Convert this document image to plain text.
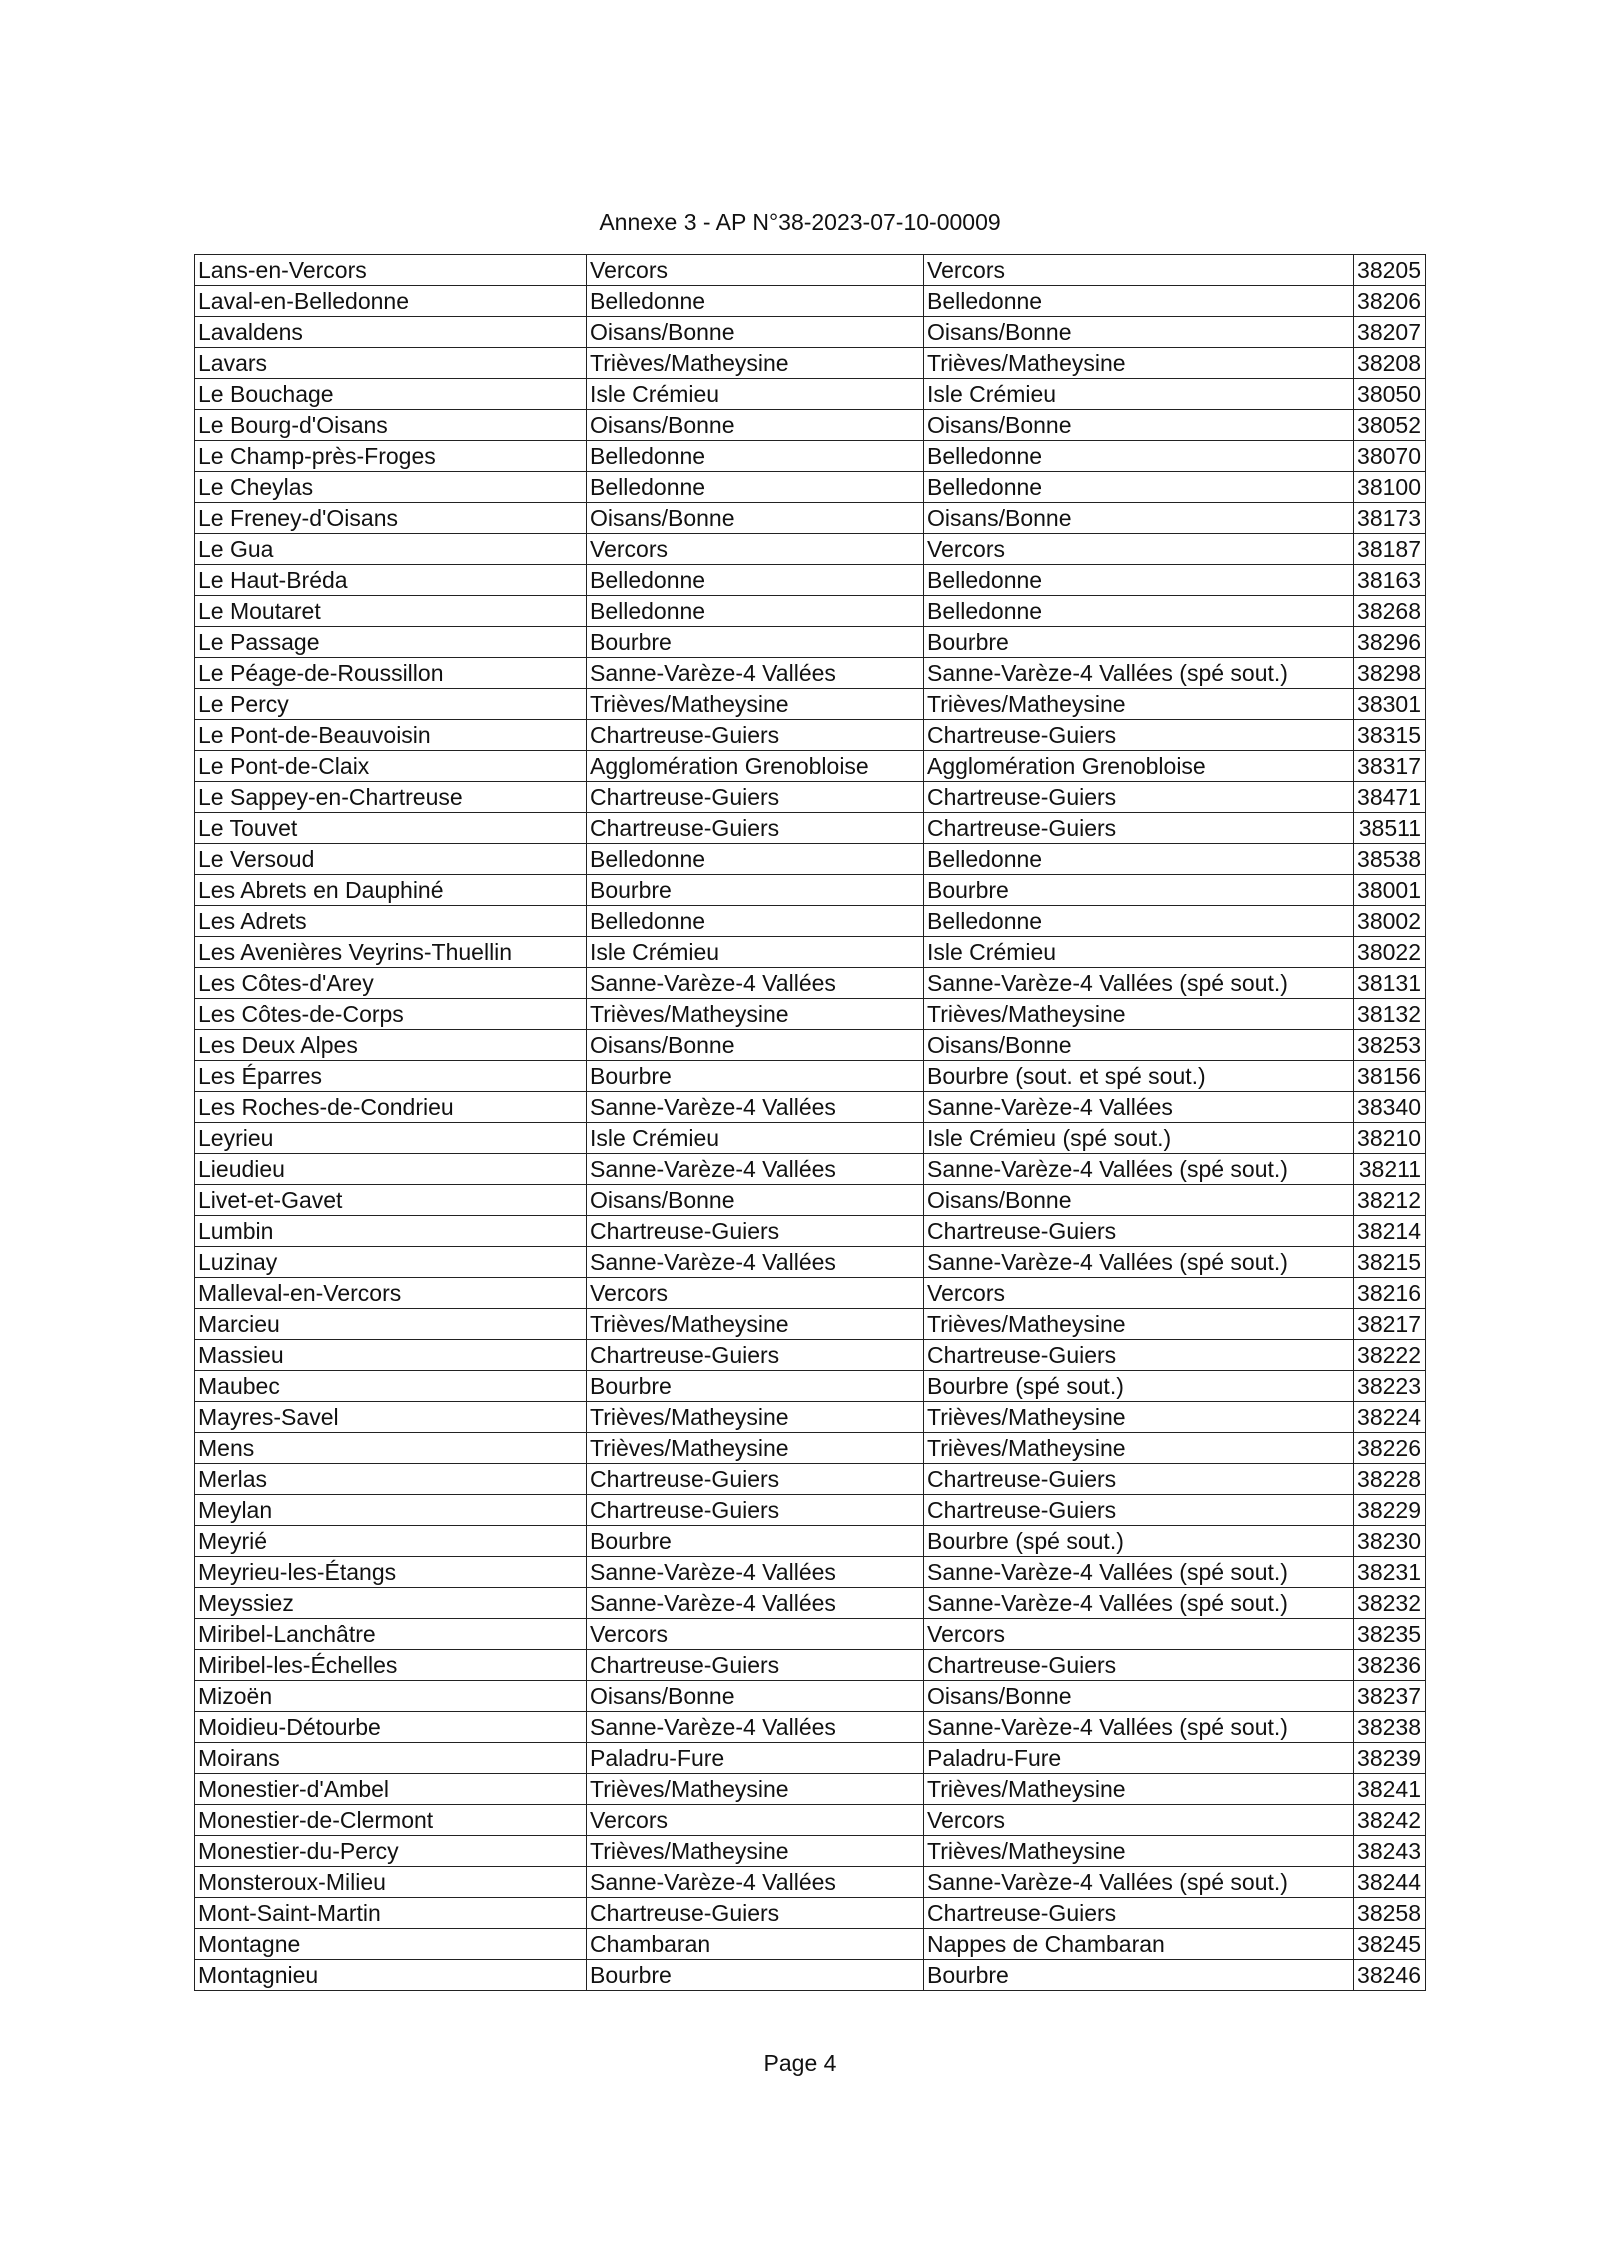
Annexe 3 - AP N°38-2023-07-10-00009
Lans-en-Vercors	Vercors	Vercors	38205
Laval-en-Belledonne	Belledonne	Belledonne	38206
Lavaldens	Oisans/Bonne	Oisans/Bonne	38207
Lavars	Trièves/Matheysine	Trièves/Matheysine	38208
Le Bouchage	Isle Crémieu	Isle Crémieu	38050
Le Bourg-d'Oisans	Oisans/Bonne	Oisans/Bonne	38052
Le Champ-près-Froges	Belledonne	Belledonne	38070
Le Cheylas	Belledonne	Belledonne	38100
Le Freney-d'Oisans	Oisans/Bonne	Oisans/Bonne	38173
Le Gua	Vercors	Vercors	38187
Le Haut-Bréda	Belledonne	Belledonne	38163
Le Moutaret	Belledonne	Belledonne	38268
Le Passage	Bourbre	Bourbre	38296
Le Péage-de-Roussillon	Sanne-Varèze-4 Vallées	Sanne-Varèze-4 Vallées (spé sout.)	38298
Le Percy	Trièves/Matheysine	Trièves/Matheysine	38301
Le Pont-de-Beauvoisin	Chartreuse-Guiers	Chartreuse-Guiers	38315
Le Pont-de-Claix	Agglomération Grenobloise	Agglomération Grenobloise	38317
Le Sappey-en-Chartreuse	Chartreuse-Guiers	Chartreuse-Guiers	38471
Le Touvet	Chartreuse-Guiers	Chartreuse-Guiers	38511
Le Versoud	Belledonne	Belledonne	38538
Les Abrets en Dauphiné	Bourbre	Bourbre	38001
Les Adrets	Belledonne	Belledonne	38002
Les Avenières Veyrins-Thuellin	Isle Crémieu	Isle Crémieu	38022
Les Côtes-d'Arey	Sanne-Varèze-4 Vallées	Sanne-Varèze-4 Vallées (spé sout.)	38131
Les Côtes-de-Corps	Trièves/Matheysine	Trièves/Matheysine	38132
Les Deux Alpes	Oisans/Bonne	Oisans/Bonne	38253
Les Éparres	Bourbre	Bourbre (sout. et spé sout.)	38156
Les Roches-de-Condrieu	Sanne-Varèze-4 Vallées	Sanne-Varèze-4 Vallées	38340
Leyrieu	Isle Crémieu	Isle Crémieu (spé sout.)	38210
Lieudieu	Sanne-Varèze-4 Vallées	Sanne-Varèze-4 Vallées (spé sout.)	38211
Livet-et-Gavet	Oisans/Bonne	Oisans/Bonne	38212
Lumbin	Chartreuse-Guiers	Chartreuse-Guiers	38214
Luzinay	Sanne-Varèze-4 Vallées	Sanne-Varèze-4 Vallées (spé sout.)	38215
Malleval-en-Vercors	Vercors	Vercors	38216
Marcieu	Trièves/Matheysine	Trièves/Matheysine	38217
Massieu	Chartreuse-Guiers	Chartreuse-Guiers	38222
Maubec	Bourbre	Bourbre (spé sout.)	38223
Mayres-Savel	Trièves/Matheysine	Trièves/Matheysine	38224
Mens	Trièves/Matheysine	Trièves/Matheysine	38226
Merlas	Chartreuse-Guiers	Chartreuse-Guiers	38228
Meylan	Chartreuse-Guiers	Chartreuse-Guiers	38229
Meyrié	Bourbre	Bourbre (spé sout.)	38230
Meyrieu-les-Étangs	Sanne-Varèze-4 Vallées	Sanne-Varèze-4 Vallées (spé sout.)	38231
Meyssiez	Sanne-Varèze-4 Vallées	Sanne-Varèze-4 Vallées (spé sout.)	38232
Miribel-Lanchâtre	Vercors	Vercors	38235
Miribel-les-Échelles	Chartreuse-Guiers	Chartreuse-Guiers	38236
Mizoën	Oisans/Bonne	Oisans/Bonne	38237
Moidieu-Détourbe	Sanne-Varèze-4 Vallées	Sanne-Varèze-4 Vallées (spé sout.)	38238
Moirans	Paladru-Fure	Paladru-Fure	38239
Monestier-d'Ambel	Trièves/Matheysine	Trièves/Matheysine	38241
Monestier-de-Clermont	Vercors	Vercors	38242
Monestier-du-Percy	Trièves/Matheysine	Trièves/Matheysine	38243
Monsteroux-Milieu	Sanne-Varèze-4 Vallées	Sanne-Varèze-4 Vallées (spé sout.)	38244
Mont-Saint-Martin	Chartreuse-Guiers	Chartreuse-Guiers	38258
Montagne	Chambaran	Nappes de Chambaran	38245
Montagnieu	Bourbre	Bourbre	38246
Page 4
